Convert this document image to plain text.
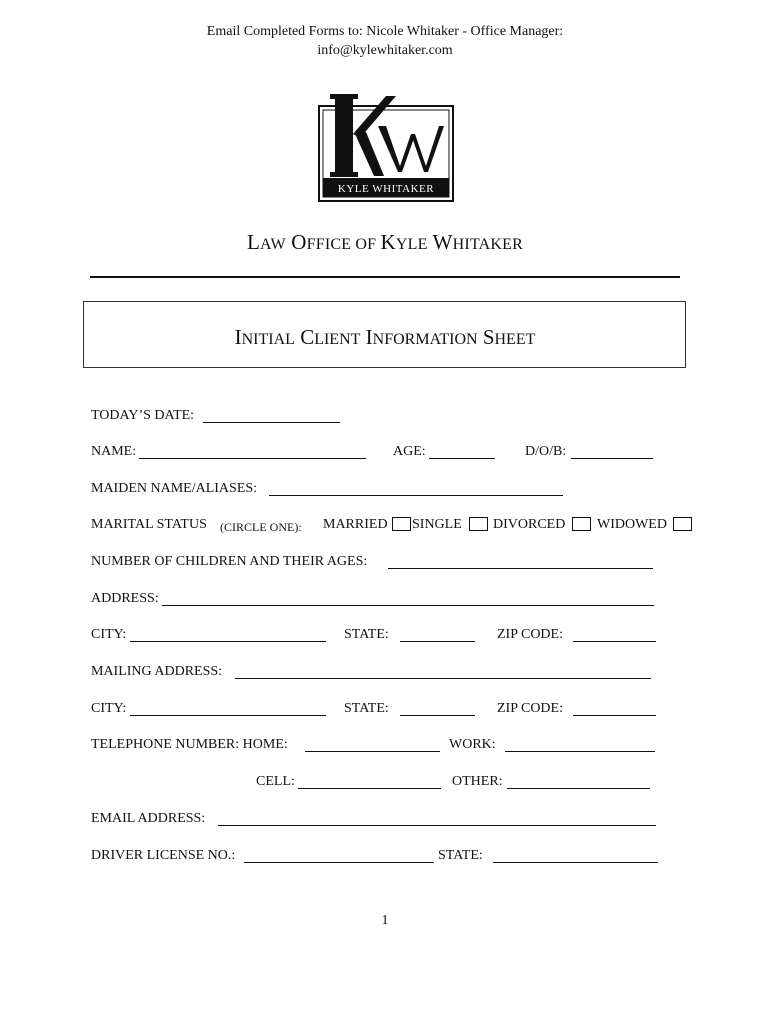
Email Completed Forms to: Nicole Whitaker - Office Manager:
info@kylewhitaker.com
KYLE WHITAKER
LAW OFFICE OF KYLE WHITAKER
INITIAL CLIENT INFORMATION SHEET
TODAY’S DATE:
NAME:	AGE:	D/O/B:
MAIDEN NAME/ALIASES:
MARITAL STATUS (CIRCLE ONE): MARRIED SINGLE DIVORCED WIDOWED
NUMBER OF CHILDREN AND THEIR AGES:
ADDRESS:
CITY:	STATE:	ZIP CODE:
MAILING ADDRESS:
CITY:	STATE:	ZIP CODE:
TELEPHONE NUMBER: HOME:	WORK:
CELL:	OTHER:
EMAIL ADDRESS:
DRIVER LICENSE NO.:	STATE:
1
